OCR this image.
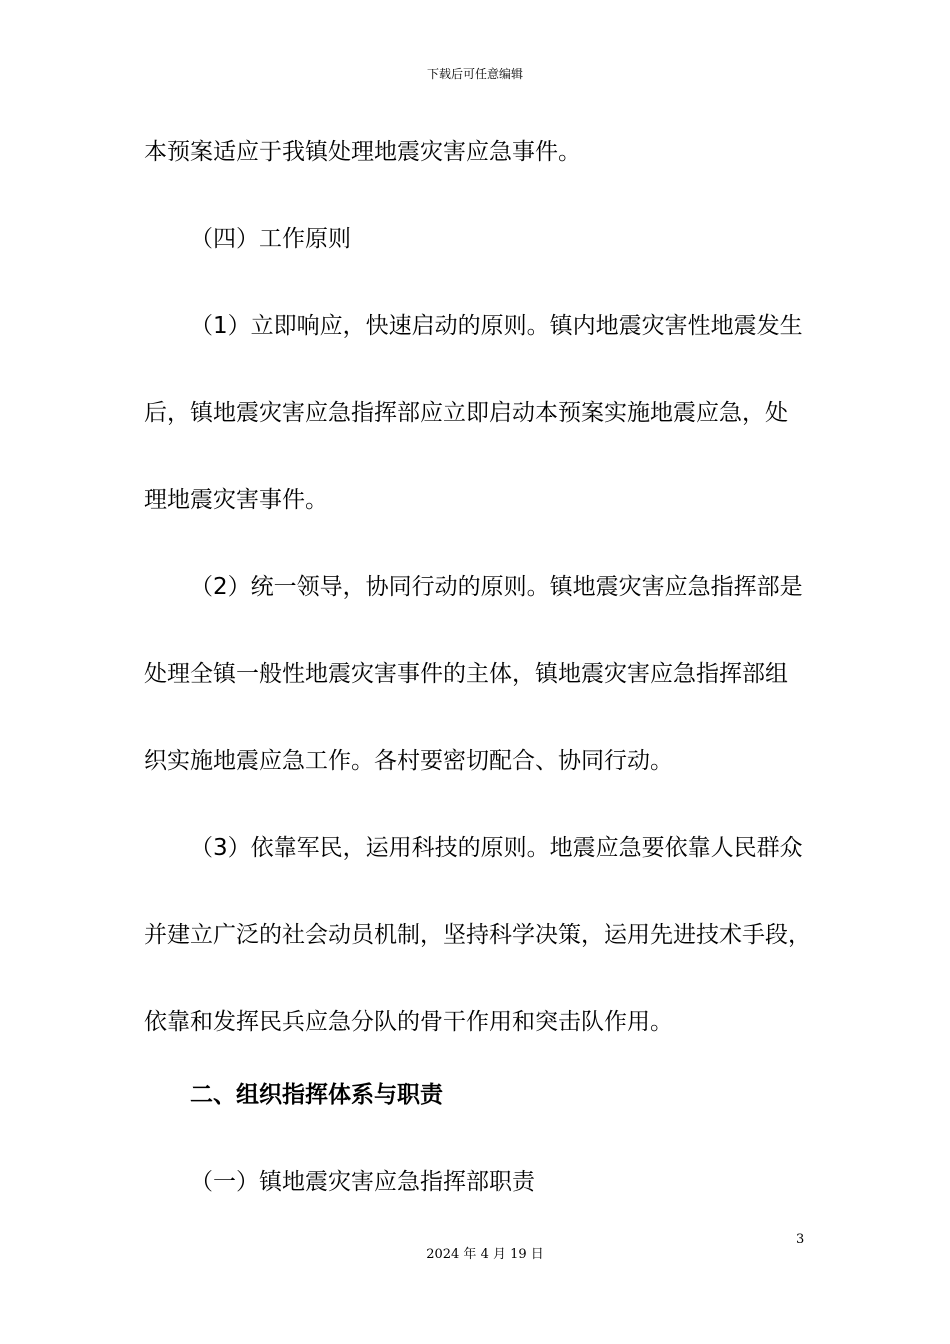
下载后可任意编辑
本预案适应于我镇处理地震灾害应急事件。
（四）工作原则
（1）立即响应，快速启动的原则。镇内地震灾害性地震发生
后，镇地震灾害应急指挥部应立即启动本预案实施地震应急，处
理地震灾害事件。
（2）统一领导，协同行动的原则。镇地震灾害应急指挥部是
处理全镇一般性地震灾害事件的主体，镇地震灾害应急指挥部组
织实施地震应急工作。各村要密切配合、协同行动。
（3）依靠军民，运用科技的原则。地震应急要依靠人民群众
并建立广泛的社会动员机制，坚持科学决策，运用先进技术手段，
依靠和发挥民兵应急分队的骨干作用和突击队作用。
二、组织指挥体系与职责
（一）镇地震灾害应急指挥部职责
3
2024 年 4 月 19 日
